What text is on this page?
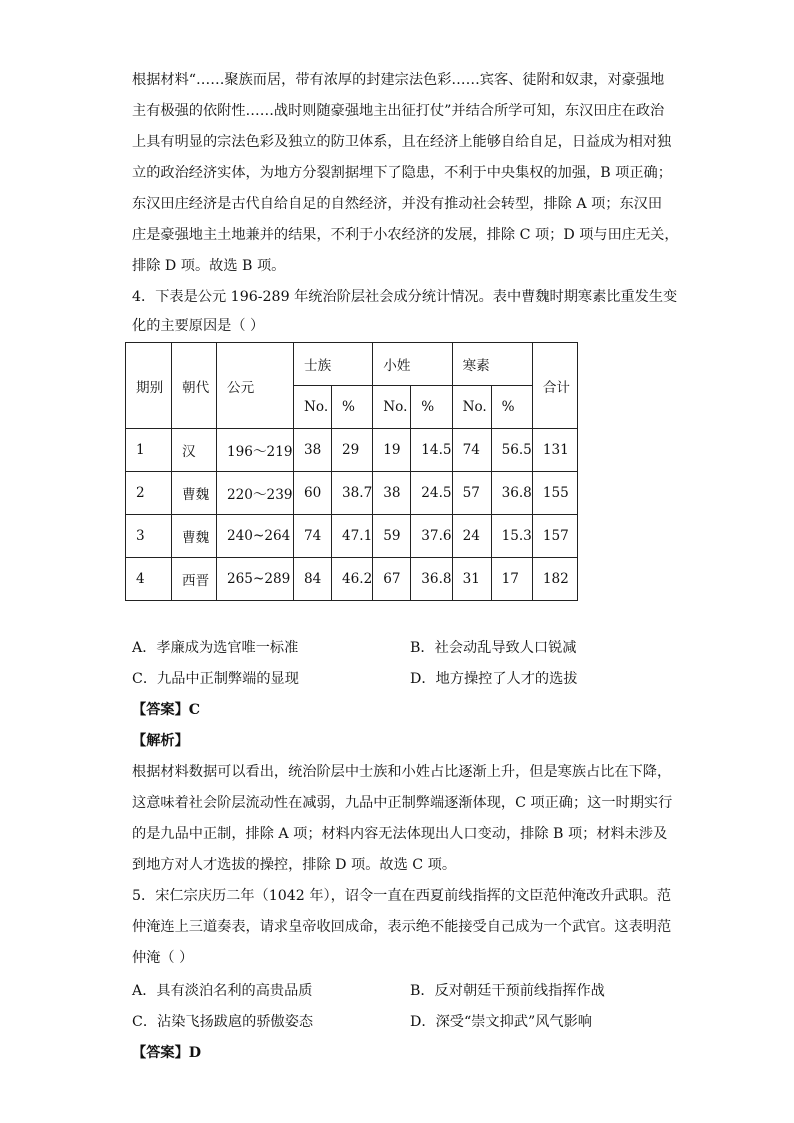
根据材料“……聚族而居，带有浓厚的封建宗法色彩……宾客、徒附和奴隶，对豪强地
主有极强的依附性……战时则随豪强地主出征打仗”并结合所学可知，东汉田庄在政治
上具有明显的宗法色彩及独立的防卫体系，且在经济上能够自给自足，日益成为相对独
立的政治经济实体，为地方分裂割据埋下了隐患，不利于中央集权的加强，B 项正确；
东汉田庄经济是古代自给自足的自然经济，并没有推动社会转型，排除 A 项；东汉田
庄是豪强地主土地兼并的结果，不利于小农经济的发展，排除 C 项；D 项与田庄无关，
排除 D 项。故选 B 项。
4．下表是公元 196-289 年统治阶层社会成分统计情况。表中曹魏时期寒素比重发生变
化的主要原因是（ ）
期别	朝代	公元	士族		小姓		寒素		合计
			No.	%	No.	%	No.	%	
1	汉	196～219	38	29	19	14.5	74	56.5	131
2	曹魏	220～239	60	38.7	38	24.5	57	36.8	155
3	曹魏	240~264	74	47.1	59	37.6	24	15.3	157
4	西晋	265~289	84	46.2	67	36.8	31	17	182
A．孝廉成为选官唯一标准	B．社会动乱导致人口锐减
C．九品中正制弊端的显现	D．地方操控了人才的选拔
【答案】C
【解析】
根据材料数据可以看出，统治阶层中士族和小姓占比逐渐上升，但是寒族占比在下降，
这意味着社会阶层流动性在减弱，九品中正制弊端逐渐体现，C 项正确；这一时期实行
的是九品中正制，排除 A 项；材料内容无法体现出人口变动，排除 B 项；材料未涉及
到地方对人才选拔的操控，排除 D 项。故选 C 项。
5．宋仁宗庆历二年（1042 年），诏令一直在西夏前线指挥的文臣范仲淹改升武职。范
仲淹连上三道奏表，请求皇帝收回成命，表示绝不能接受自己成为一个武官。这表明范
仲淹（ ）
A．具有淡泊名利的高贵品质	B．反对朝廷干预前线指挥作战
C．沾染飞扬跋扈的骄傲姿态	D．深受“崇文抑武”风气影响
【答案】D
